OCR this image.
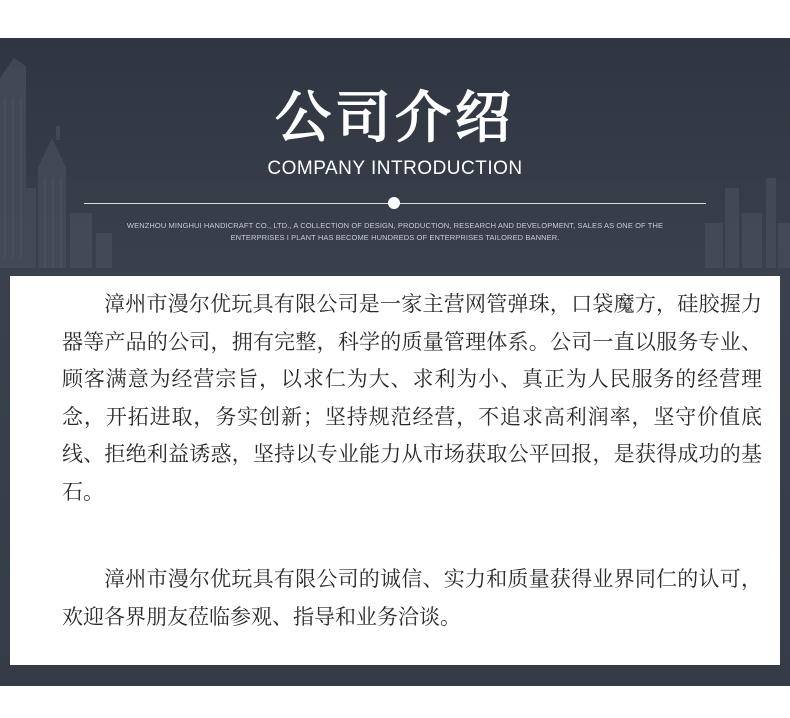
公司介绍
COMPANY INTRODUCTION
WENZHOU MINGHUI HANDICRAFT CO., LTD., A COLLECTION OF DESIGN, PRODUCTION, RESEARCH AND DEVELOPMENT, SALES AS ONE OF THE
ENTERPRISES I PLANT HAS BECOME HUNDREDS OF ENTERPRISES TAILORED BANNER.

漳州市漫尔优玩具有限公司是一家主营网管弹珠，口袋魔方，硅胶握力器等产品的公司，拥有完整，科学的质量管理体系。公司一直以服务专业、顾客满意为经营宗旨，以求仁为大、求利为小、真正为人民服务的经营理念，开拓进取，务实创新；坚持规范经营，不追求高利润率，坚守价值底线、拒绝利益诱惑，坚持以专业能力从市场获取公平回报，是获得成功的基石。

漳州市漫尔优玩具有限公司的诚信、实力和质量获得业界同仁的认可，欢迎各界朋友莅临参观、指导和业务洽谈。
